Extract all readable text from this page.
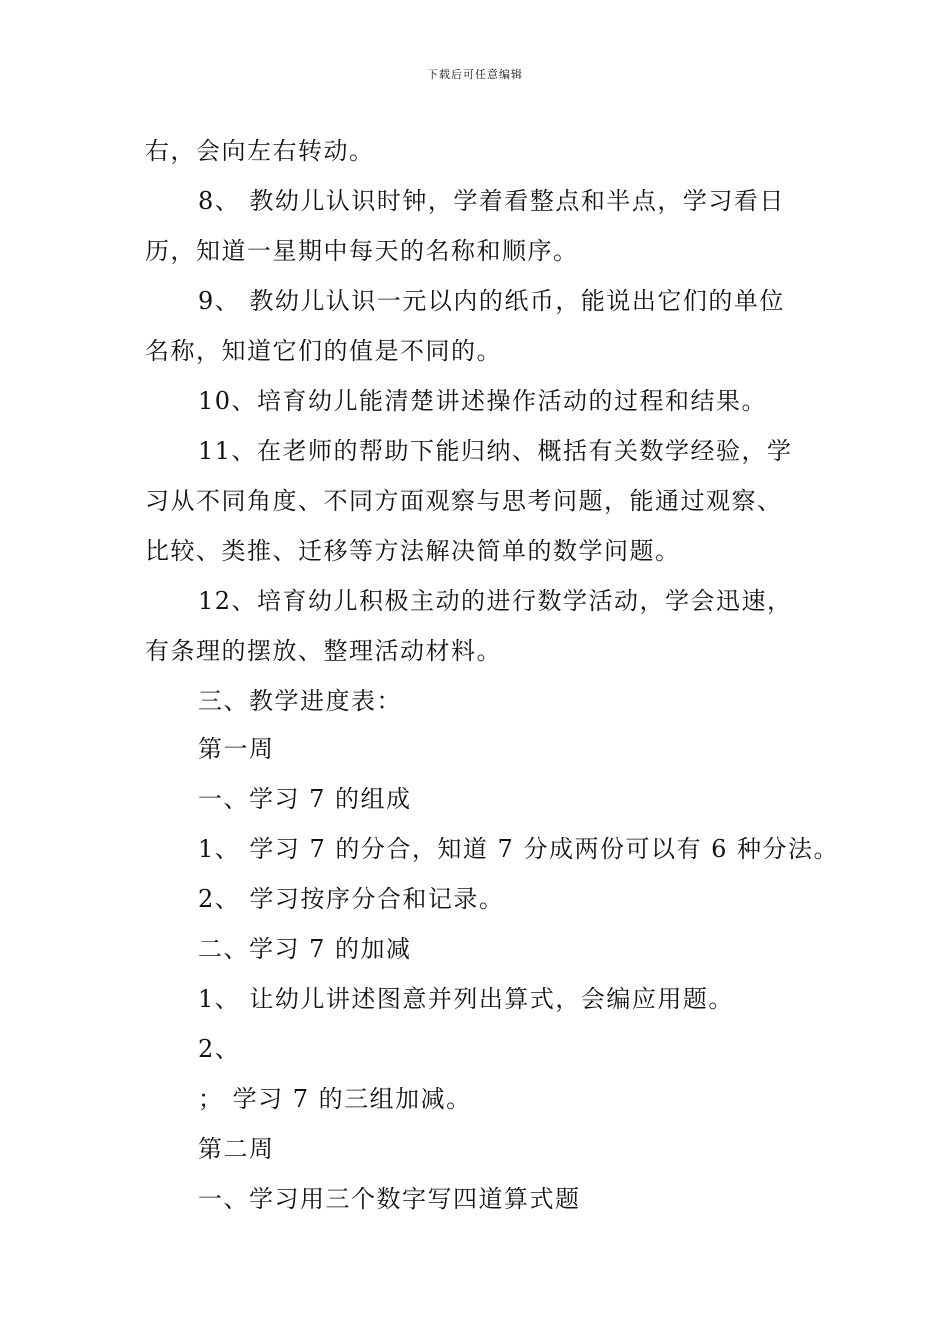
下载后可任意编辑
右，会向左右转动。
8、 教幼儿认识时钟，学着看整点和半点，学习看日
历，知道一星期中每天的名称和顺序。
9、 教幼儿认识一元以内的纸币，能说出它们的单位
名称，知道它们的值是不同的。
10、培育幼儿能清楚讲述操作活动的过程和结果。
11、在老师的帮助下能归纳、概括有关数学经验，学
习从不同角度、不同方面观察与思考问题，能通过观察、
比较、类推、迁移等方法解决简单的数学问题。
12、培育幼儿积极主动的进行数学活动，学会迅速，
有条理的摆放、整理活动材料。
三、教学进度表：
第一周
一、学习 7 的组成
1、 学习 7 的分合，知道 7 分成两份可以有 6 种分法。
2、 学习按序分合和记录。
二、学习 7 的加减
1、 让幼儿讲述图意并列出算式，会编应用题。
2、
； 学习 7 的三组加减。
第二周
一、学习用三个数字写四道算式题
